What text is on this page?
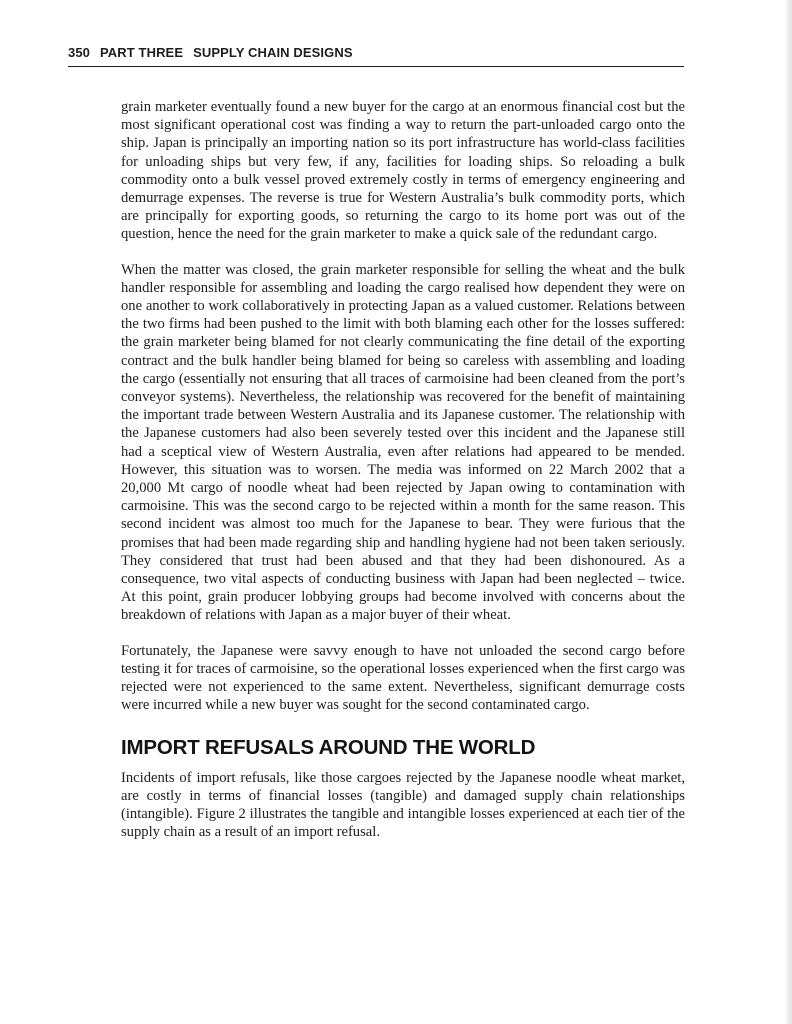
350 PART THREE SUPPLY CHAIN DESIGNS

grain marketer eventually found a new buyer for the cargo at an enormous financial cost but the most significant operational cost was finding a way to return the part-unloaded cargo onto the ship. Japan is principally an importing nation so its port infrastructure has world-class facilities for unloading ships but very few, if any, facilities for loading ships. So reloading a bulk commodity onto a bulk vessel proved extremely costly in terms of emergency engineering and demurrage expenses. The reverse is true for Western Australia’s bulk commodity ports, which are principally for exporting goods, so returning the cargo to its home port was out of the question, hence the need for the grain marketer to make a quick sale of the redundant cargo.

When the matter was closed, the grain marketer responsible for selling the wheat and the bulk handler responsible for assembling and loading the cargo realised how dependent they were on one another to work collaboratively in protecting Japan as a valued customer. Relations between the two firms had been pushed to the limit with both blaming each other for the losses suffered: the grain marketer being blamed for not clearly communicating the fine detail of the exporting contract and the bulk handler being blamed for being so careless with assembling and loading the cargo (essentially not ensuring that all traces of carmoisine had been cleaned from the port’s conveyor systems). Nevertheless, the relationship was recovered for the benefit of maintaining the important trade between Western Australia and its Japanese customer. The relationship with the Japanese customers had also been severely tested over this incident and the Japanese still had a sceptical view of Western Australia, even after relations had appeared to be mended. However, this situation was to worsen. The media was informed on 22 March 2002 that a 20,000 Mt cargo of noodle wheat had been rejected by Japan owing to contamination with carmoisine. This was the second cargo to be rejected within a month for the same reason. This second incident was almost too much for the Japanese to bear. They were furious that the promises that had been made regarding ship and handling hygiene had not been taken seriously. They considered that trust had been abused and that they had been dishonoured. As a consequence, two vital aspects of conducting business with Japan had been neglected – twice. At this point, grain producer lobbying groups had become involved with concerns about the breakdown of relations with Japan as a major buyer of their wheat.

Fortunately, the Japanese were savvy enough to have not unloaded the second cargo before testing it for traces of carmoisine, so the operational losses experienced when the first cargo was rejected were not experienced to the same extent. Nevertheless, significant demurrage costs were incurred while a new buyer was sought for the second contaminated cargo.

IMPORT REFUSALS AROUND THE WORLD

Incidents of import refusals, like those cargoes rejected by the Japanese noodle wheat market, are costly in terms of financial losses (tangible) and damaged supply chain relationships (intangible). Figure 2 illustrates the tangible and intangible losses experienced at each tier of the supply chain as a result of an import refusal.
